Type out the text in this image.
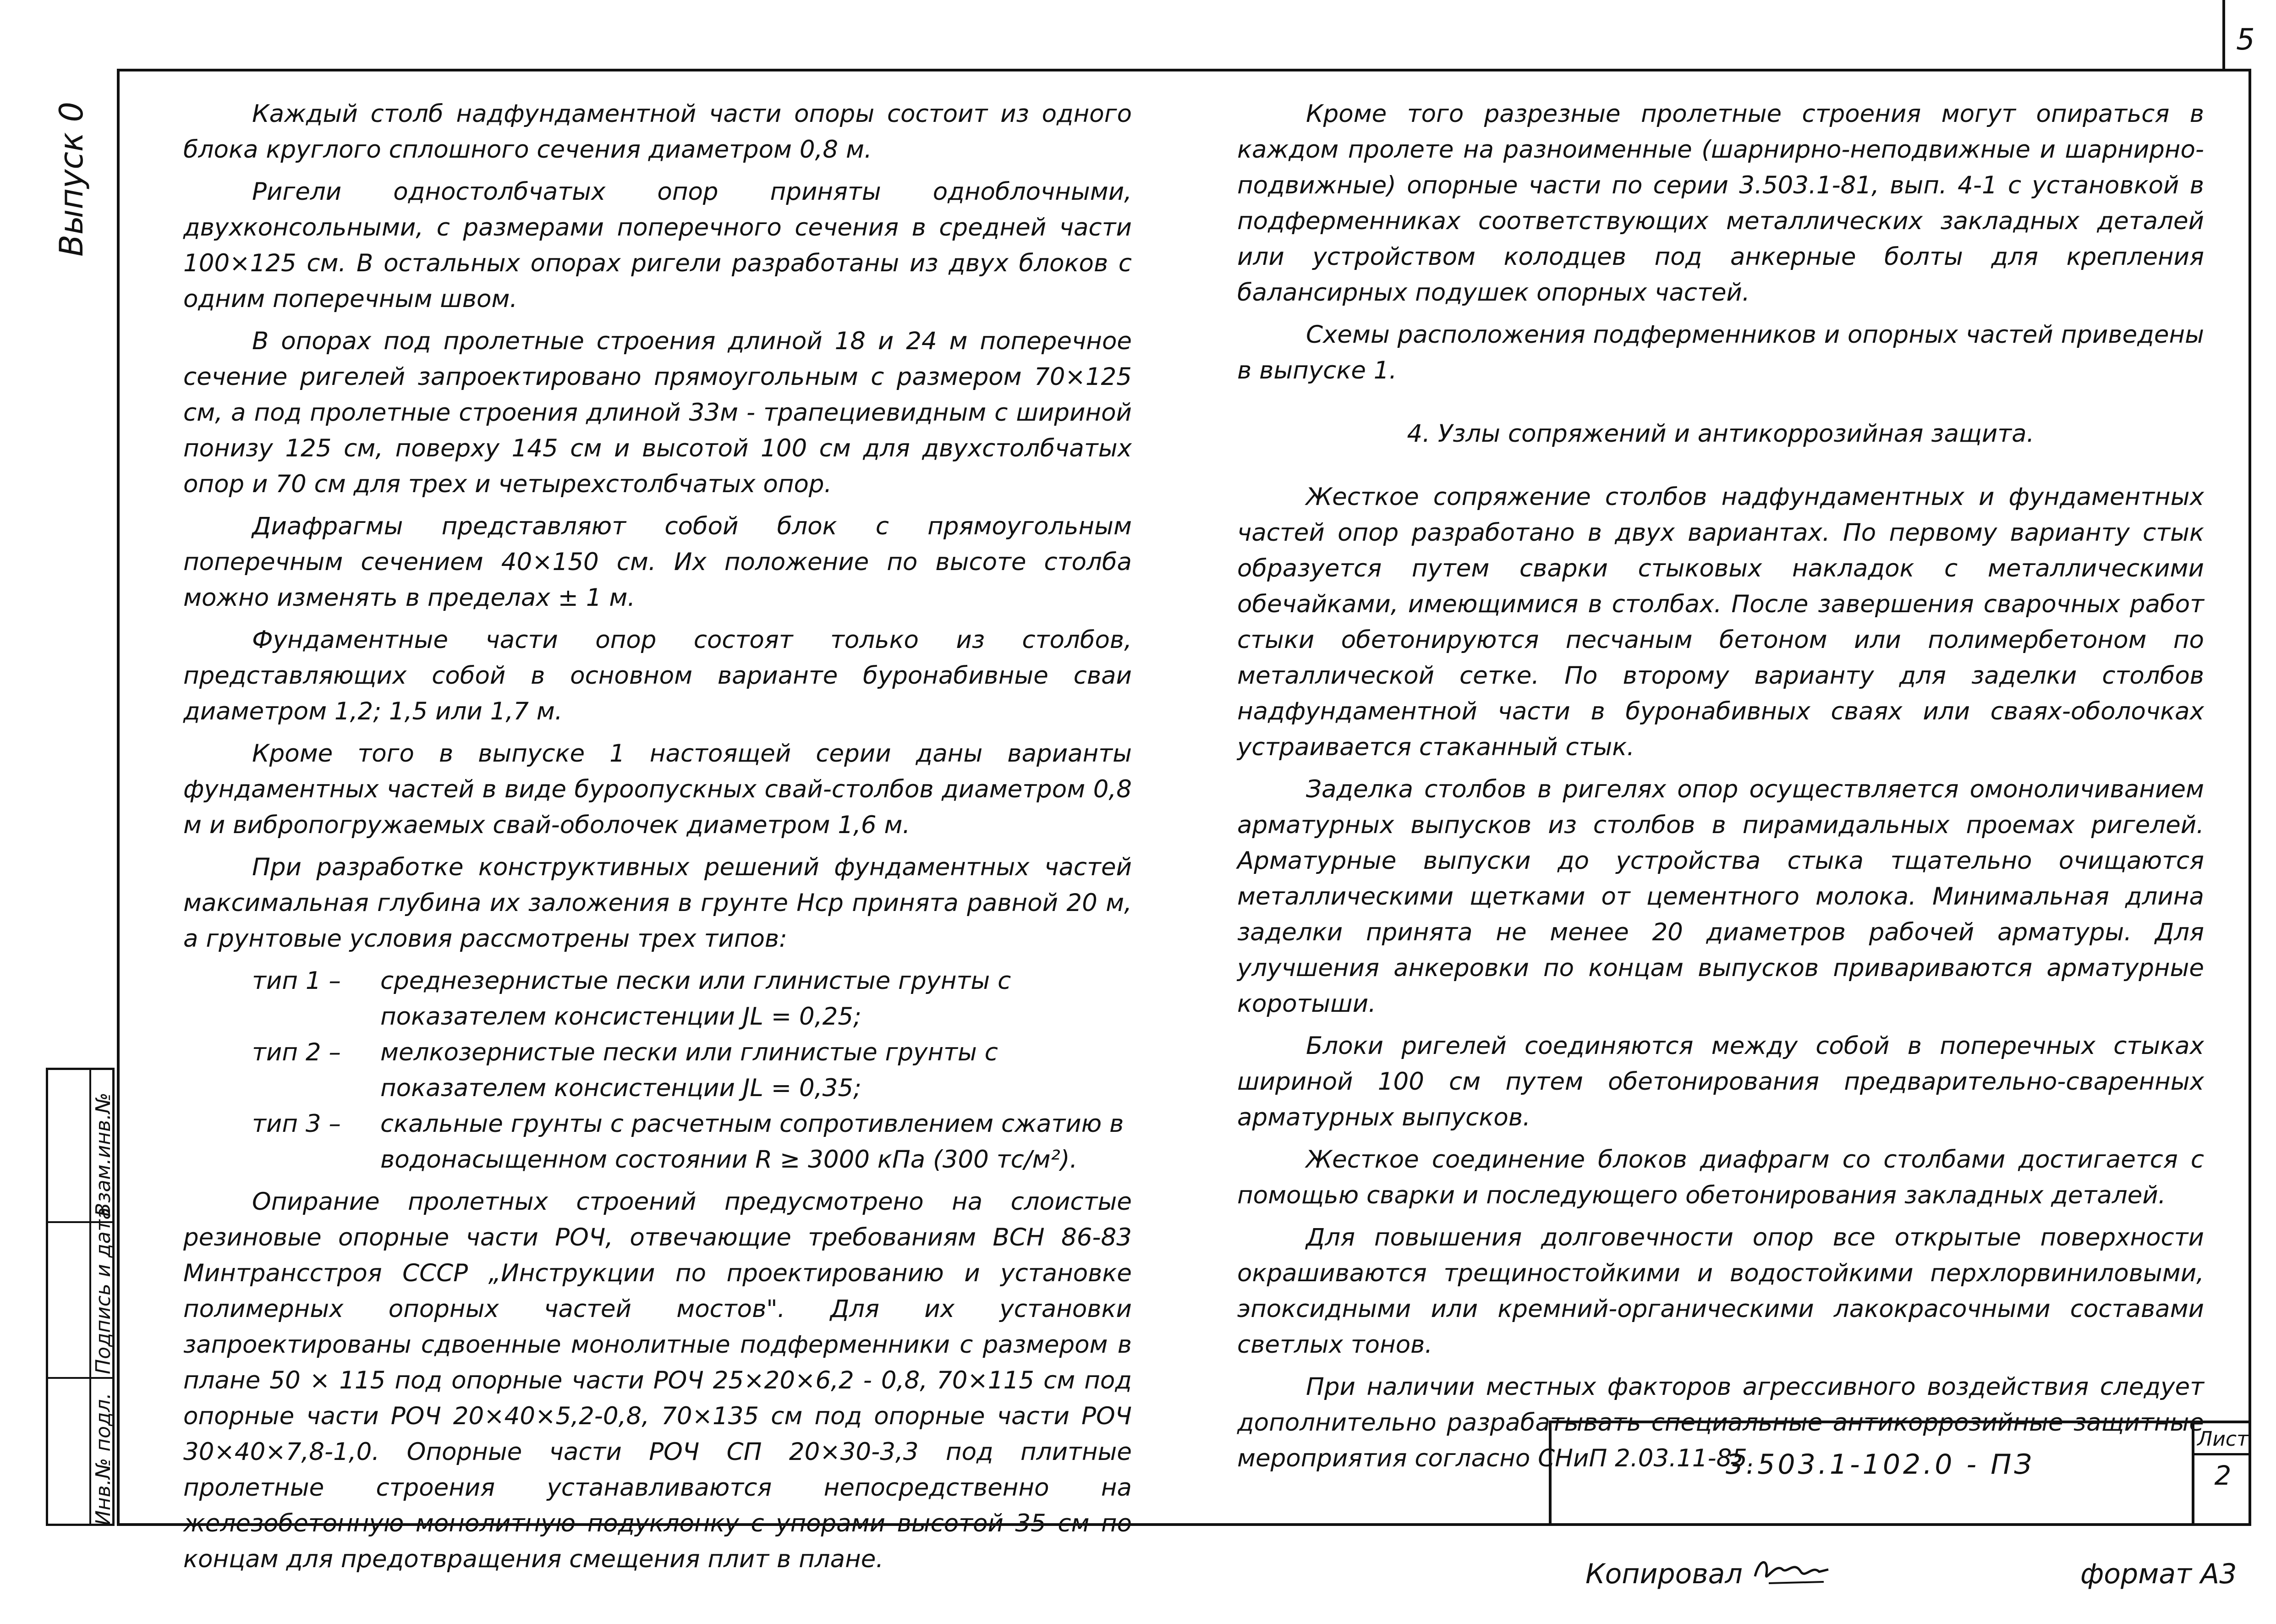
5
Выпуск 0
Взам.инв.№
Подпись и дата
Инв.№ подл.

Каждый столб надфундаментной части опоры состоит из одного блока круглого сплошного сечения диаметром 0,8 м.

Ригели одностолбчатых опор приняты одноблочными, двухконсольными, с размерами поперечного сечения в средней части 100×125 см. В остальных опорах ригели разработаны из двух блоков с одним поперечным швом.

В опорах под пролетные строения длиной 18 и 24 м поперечное сечение ригелей запроектировано прямоугольным с размером 70×125 см, а под пролетные строения длиной 33м - трапециевидным с шириной понизу 125 см, поверху 145 см и высотой 100 см для двухстолбчатых опор и 70 см для трех и четырехстолбчатых опор.

Диафрагмы представляют собой блок с прямоугольным поперечным сечением 40×150 см. Их положение по высоте столба можно изменять в пределах ± 1 м.

Фундаментные части опор состоят только из столбов, представляющих собой в основном варианте буронабивные сваи диаметром 1,2; 1,5 или 1,7 м.

Кроме того в выпуске 1 настоящей серии даны варианты фундаментных частей в виде буроопускных свай-столбов диаметром 0,8 м и вибропогружаемых свай-оболочек диаметром 1,6 м.

При разработке конструктивных решений фундаментных частей максимальная глубина их заложения в грунте Hср принята равной 20 м, а грунтовые условия рассмотрены трех типов:

тип 1 –	среднезернистые пески или глинистые грунты с показателем консистенции JL = 0,25;
тип 2 –	мелкозернистые пески или глинистые грунты с показателем консистенции JL = 0,35;
тип 3 –	скальные грунты с расчетным сопротивлением сжатию в водонасыщенном состоянии R ≥ 3000 кПа (300 тс/м²).

Опирание пролетных строений предусмотрено на слоистые резиновые опорные части РОЧ, отвечающие требованиям ВСН 86-83 Минтрансстроя СССР „Инструкции по проектированию и установке полимерных опорных частей мостов". Для их установки запроектированы сдвоенные монолитные подферменники с размером в плане 50 × 115 под опорные части РОЧ 25×20×6,2 - 0,8, 70×115 см под опорные части РОЧ 20×40×5,2-0,8, 70×135 см под опорные части РОЧ 30×40×7,8-1,0. Опорные части РОЧ СП 20×30-3,3 под плитные пролетные строения устанавливаются непосредственно на железобетонную монолитную подуклонку с упорами высотой 35 см по концам для предотвращения смещения плит в плане.

Кроме того разрезные пролетные строения могут опираться в каждом пролете на разноименные (шарнирно-неподвижные и шарнирно-подвижные) опорные части по серии 3.503.1-81, вып. 4-1 с установкой в подферменниках соответствующих металлических закладных деталей или устройством колодцев под анкерные болты для крепления балансирных подушек опорных частей.

Схемы расположения подферменников и опорных частей приведены в выпуске 1.

4. Узлы сопряжений и антикоррозийная защита.

Жесткое сопряжение столбов надфундаментных и фундаментных частей опор разработано в двух вариантах. По первому варианту стык образуется путем сварки стыковых накладок с металлическими обечайками, имеющимися в столбах. После завершения сварочных работ стыки обетонируются песчаным бетоном или полимербетоном по металлической сетке. По второму варианту для заделки столбов надфундаментной части в буронабивных сваях или сваях-оболочках устраивается стаканный стык.

Заделка столбов в ригелях опор осуществляется омоноличиванием арматурных выпусков из столбов в пирамидальных проемах ригелей. Арматурные выпуски до устройства стыка тщательно очищаются металлическими щетками от цементного молока. Минимальная длина заделки принята не менее 20 диаметров рабочей арматуры. Для улучшения анкеровки по концам выпусков привариваются арматурные коротыши.

Блоки ригелей соединяются между собой в поперечных стыках шириной 100 см путем обетонирования предварительно-сваренных арматурных выпусков.

Жесткое соединение блоков диафрагм со столбами достигается с помощью сварки и последующего обетонирования закладных деталей.

Для повышения долговечности опор все открытые поверхности окрашиваются трещиностойкими и водостойкими перхлорвиниловыми, эпоксидными или кремний-органическими лакокрасочными составами светлых тонов.

При наличии местных факторов агрессивного воздействия следует дополнительно разрабатывать специальные антикоррозийные защитные мероприятия согласно СНиП 2.03.11-85.

3.503.1-102.0 - ПЗ
Лист
2
Копировал	формат А3
